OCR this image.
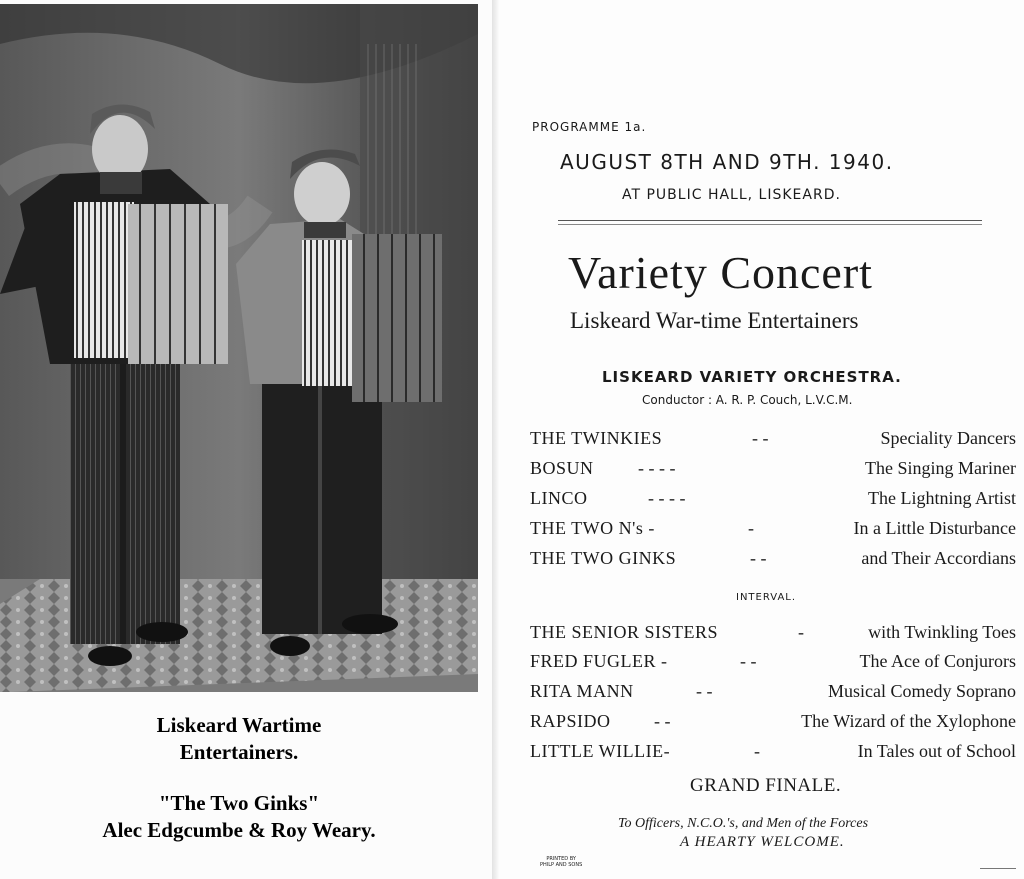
Liskeard Wartime
Entertainers.
"The Two Ginks"
Alec Edgcumbe & Roy Weary.
PROGRAMME 1a.
AUGUST 8TH AND 9TH. 1940.
AT PUBLIC HALL, LISKEARD.
Variety Concert
Liskeard War-time Entertainers
LISKEARD VARIETY ORCHESTRA.
Conductor : A. R. P. Couch, L.V.C.M.
THE TWINKIES	- -	Speciality Dancers
BOSUN - - - -	The Singing Mariner
LINCO	- - - -	The Lightning Artist
THE TWO N's -	-	In a Little Disturbance
THE TWO GINKS	- -	and Their Accordians
INTERVAL.
THE SENIOR SISTERS	-	with Twinkling Toes
FRED FUGLER -	- -	The Ace of Conjurors
RITA MANN	- -	Musical Comedy Soprano
RAPSIDO - -	The Wizard of the Xylophone
LITTLE WILLIE-	-	In Tales out of School
GRAND FINALE.
To Officers, N.C.O.'s, and Men of the Forces
A HEARTY WELCOME.
PRINTED BY
PHILP AND SONS
